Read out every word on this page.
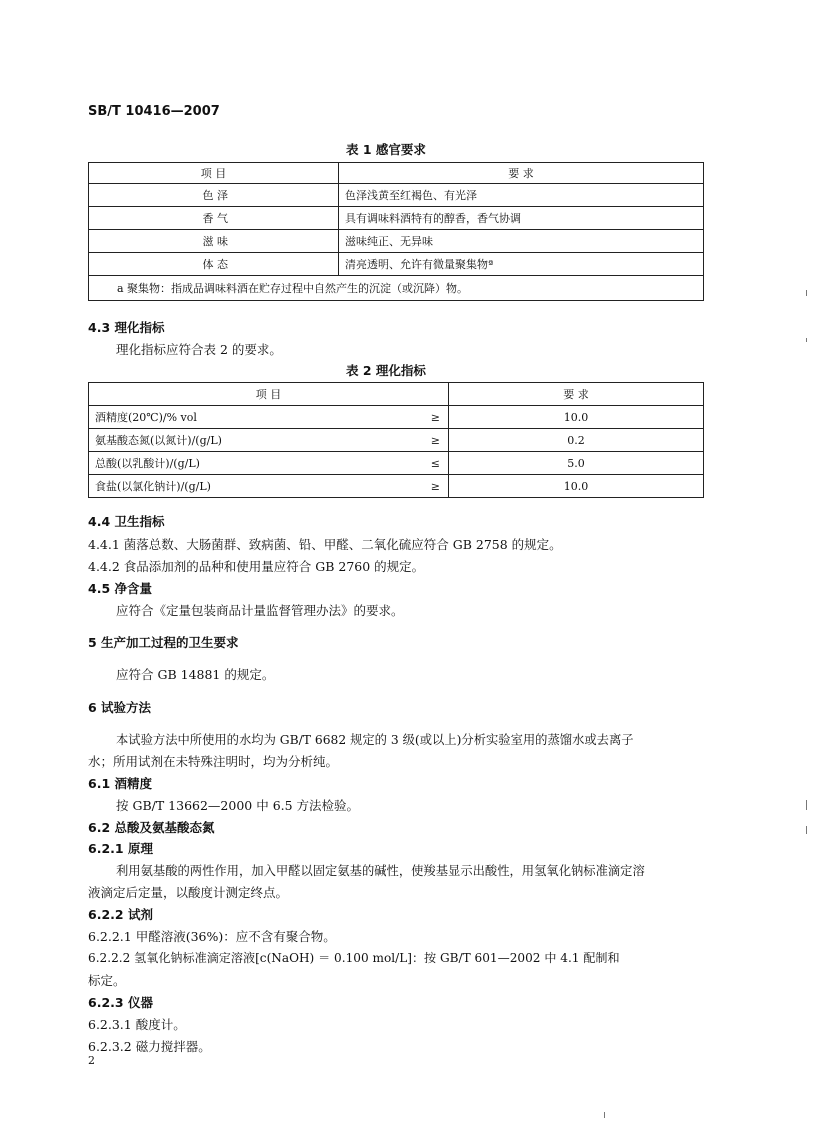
SB/T 10416—2007
表 1 感官要求
项 目	要 求
色 泽	色泽浅黄至红褐色、有光泽
香 气	具有调味料酒特有的醇香，香气协调
滋 味	滋味纯正、无异味
体 态	清亮透明、允许有微量聚集物ª
a 聚集物：指成品调味料酒在贮存过程中自然产生的沉淀（或沉降）物。	
4.3 理化指标
理化指标应符合表 2 的要求。
表 2 理化指标
项 目		要 求
酒精度(20℃)/% vol	≥	10.0
氨基酸态氮(以氮计)/(g/L)	≥	0.2
总酸(以乳酸计)/(g/L)	≤	5.0
食盐(以氯化钠计)/(g/L)	≥	10.0
4.4 卫生指标
4.4.1 菌落总数、大肠菌群、致病菌、铅、甲醛、二氧化硫应符合 GB 2758 的规定。
4.4.2 食品添加剂的品种和使用量应符合 GB 2760 的规定。
4.5 净含量
应符合《定量包装商品计量监督管理办法》的要求。
5 生产加工过程的卫生要求
应符合 GB 14881 的规定。
6 试验方法
本试验方法中所使用的水均为 GB/T 6682 规定的 3 级(或以上)分析实验室用的蒸馏水或去离子
水；所用试剂在未特殊注明时，均为分析纯。
6.1 酒精度
按 GB/T 13662—2000 中 6.5 方法检验。
6.2 总酸及氨基酸态氮
6.2.1 原理
利用氨基酸的两性作用，加入甲醛以固定氨基的碱性，使羧基显示出酸性，用氢氧化钠标准滴定溶
液滴定后定量，以酸度计测定终点。
6.2.2 试剂
6.2.2.1 甲醛溶液(36%)：应不含有聚合物。
6.2.2.2 氢氧化钠标准滴定溶液[c(NaOH) ＝ 0.100 mol/L]：按 GB/T 601—2002 中 4.1 配制和
标定。
6.2.3 仪器
6.2.3.1 酸度计。
6.2.3.2 磁力搅拌器。
2
